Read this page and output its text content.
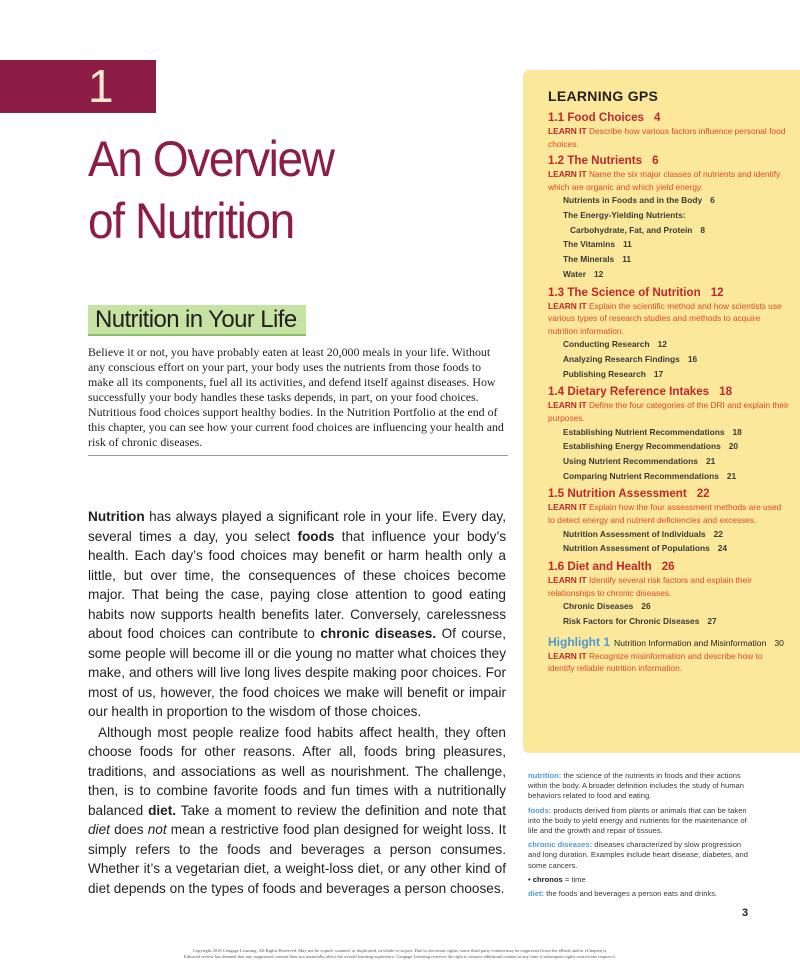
1
An Overview
of Nutrition
Nutrition in Your Life
Believe it or not, you have probably eaten at least 20,000 meals in your life. Without any conscious effort on your part, your body uses the nutrients from those foods to make all its components, fuel all its activities, and defend itself against diseases. How successfully your body handles these tasks depends, in part, on your food choices. Nutritious food choices support healthy bodies. In the Nutrition Portfolio at the end of this chapter, you can see how your current food choices are influencing your health and risk of chronic diseases.

Nutrition has always played a significant role in your life. Every day, several times a day, you select foods that influence your body’s health. Each day’s food choices may benefit or harm health only a little, but over time, the consequences of these choices become major. That being the case, paying close attention to good eating habits now supports health benefits later. Conversely, carelessness about food choices can contribute to chronic diseases. Of course, some people will become ill or die young no matter what choices they make, and others will live long lives despite making poor choices. For most of us, however, the food choices we make will benefit or impair our health in proportion to the wisdom of those choices.

Although most people realize food habits affect health, they often choose foods for other reasons. After all, foods bring pleasures, traditions, and associations as well as nourishment. The challenge, then, is to combine favorite foods and fun times with a nutritionally balanced diet. Take a moment to review the definition and note that diet does not mean a restrictive food plan designed for weight loss. It simply refers to the foods and beverages a person consumes. Whether it’s a vegetarian diet, a weight-loss diet, or any other kind of diet depends on the types of foods and beverages a person chooses.

LEARNING GPS
1.1 Food Choices 4
LEARN IT Describe how various factors influence personal food choices.
1.2 The Nutrients 6
LEARN IT Name the six major classes of nutrients and identify which are organic and which yield energy.
Nutrients in Foods and in the Body 6
The Energy-Yielding Nutrients:
Carbohydrate, Fat, and Protein 8
The Vitamins 11
The Minerals 11
Water 12
1.3 The Science of Nutrition 12
LEARN IT Explain the scientific method and how scientists use various types of research studies and methods to acquire nutrition information.
Conducting Research 12
Analyzing Research Findings 16
Publishing Research 17
1.4 Dietary Reference Intakes 18
LEARN IT Define the four categories of the DRI and explain their purposes.
Establishing Nutrient Recommendations 18
Establishing Energy Recommendations 20
Using Nutrient Recommendations 21
Comparing Nutrient Recommendations 21
1.5 Nutrition Assessment 22
LEARN IT Explain how the four assessment methods are used to detect energy and nutrient deficiencies and excesses.
Nutrition Assessment of Individuals 22
Nutrition Assessment of Populations 24
1.6 Diet and Health 26
LEARN IT Identify several risk factors and explain their relationships to chronic diseases.
Chronic Diseases 26
Risk Factors for Chronic Diseases 27
Highlight 1 Nutrition Information and Misinformation 30
LEARN IT Recognize misinformation and describe how to identify reliable nutrition information.
nutrition: the science of the nutrients in foods and their actions within the body. A broader definition includes the study of human behaviors related to food and eating.
foods: products derived from plants or animals that can be taken into the body to yield energy and nutrients for the maintenance of life and the growth and repair of tissues.
chronic diseases: diseases characterized by slow progression and long duration. Examples include heart disease, diabetes, and some cancers.
• chronos = time
diet: the foods and beverages a person eats and drinks.
3
Copyright 2016 Cengage Learning. All Rights Reserved. May not be copied, scanned, or duplicated, in whole or in part. Due to electronic rights, some third party content may be suppressed from the eBook and/or eChapter(s).
Editorial review has deemed that any suppressed content does not materially affect the overall learning experience. Cengage Learning reserves the right to remove additional content at any time if subsequent rights restrictions require it.
